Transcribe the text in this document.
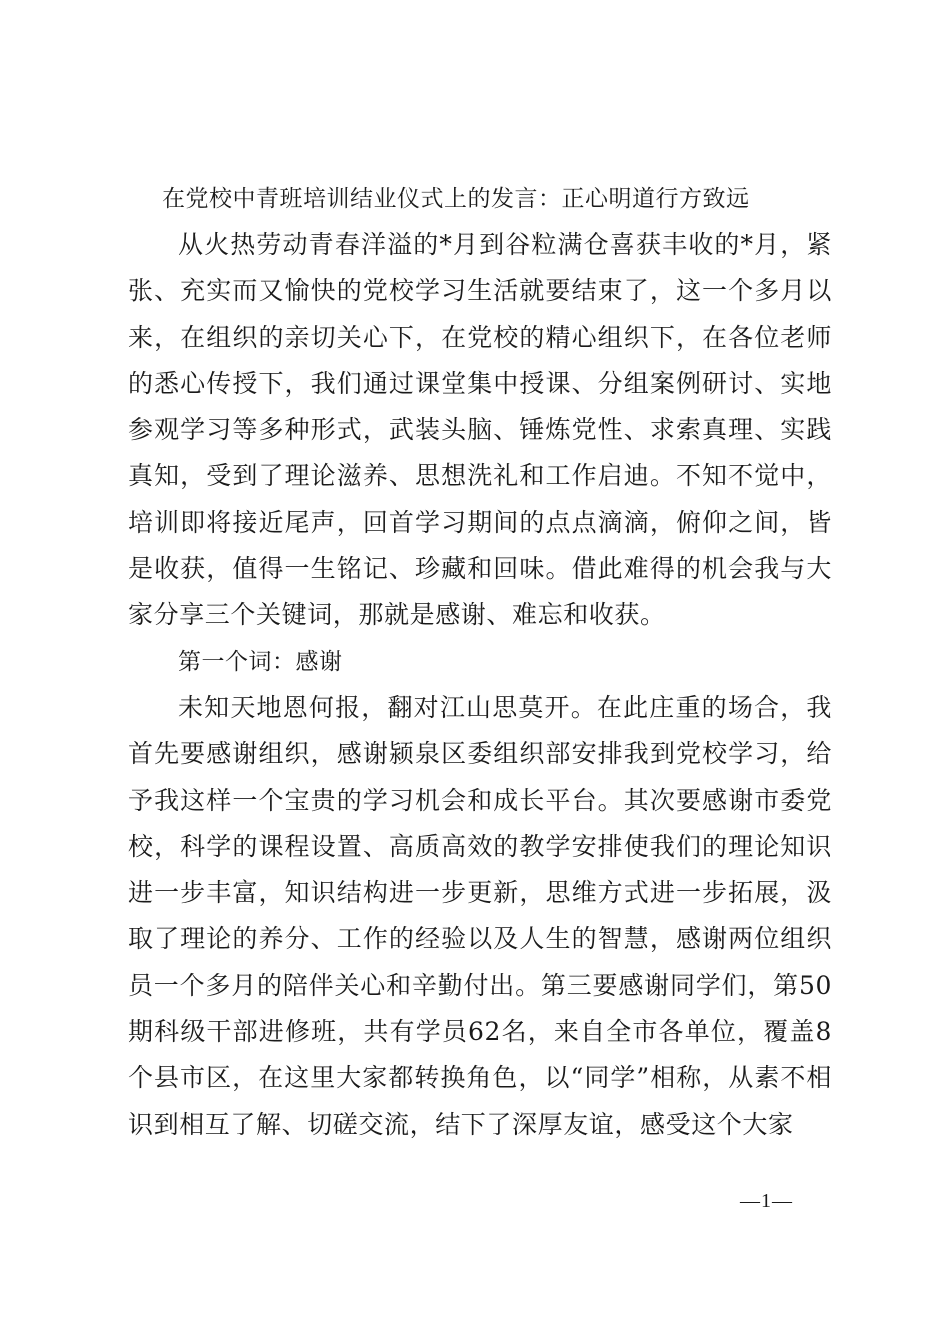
在党校中青班培训结业仪式上的发言：正心明道行方致远

从火热劳动青春洋溢的*月到谷粒满仓喜获丰收的*月，紧张、充实而又愉快的党校学习生活就要结束了，这一个多月以来，在组织的亲切关心下，在党校的精心组织下，在各位老师的悉心传授下，我们通过课堂集中授课、分组案例研讨、实地参观学习等多种形式，武装头脑、锤炼党性、求索真理、实践真知，受到了理论滋养、思想洗礼和工作启迪。不知不觉中，培训即将接近尾声，回首学习期间的点点滴滴，俯仰之间，皆是收获，值得一生铭记、珍藏和回味。借此难得的机会我与大家分享三个关键词，那就是感谢、难忘和收获。

第一个词：感谢

未知天地恩何报，翻对江山思莫开。在此庄重的场合，我首先要感谢组织，感谢颍泉区委组织部安排我到党校学习，给予我这样一个宝贵的学习机会和成长平台。其次要感谢市委党校，科学的课程设置、高质高效的教学安排使我们的理论知识进一步丰富，知识结构进一步更新，思维方式进一步拓展，汲取了理论的养分、工作的经验以及人生的智慧，感谢两位组织员一个多月的陪伴关心和辛勤付出。第三要感谢同学们，第50期科级干部进修班，共有学员62名，来自全市各单位，覆盖8个县市区，在这里大家都转换角色，以“同学”相称，从素不相识到相互了解、切磋交流，结下了深厚友谊，感受这个大家

—1—
